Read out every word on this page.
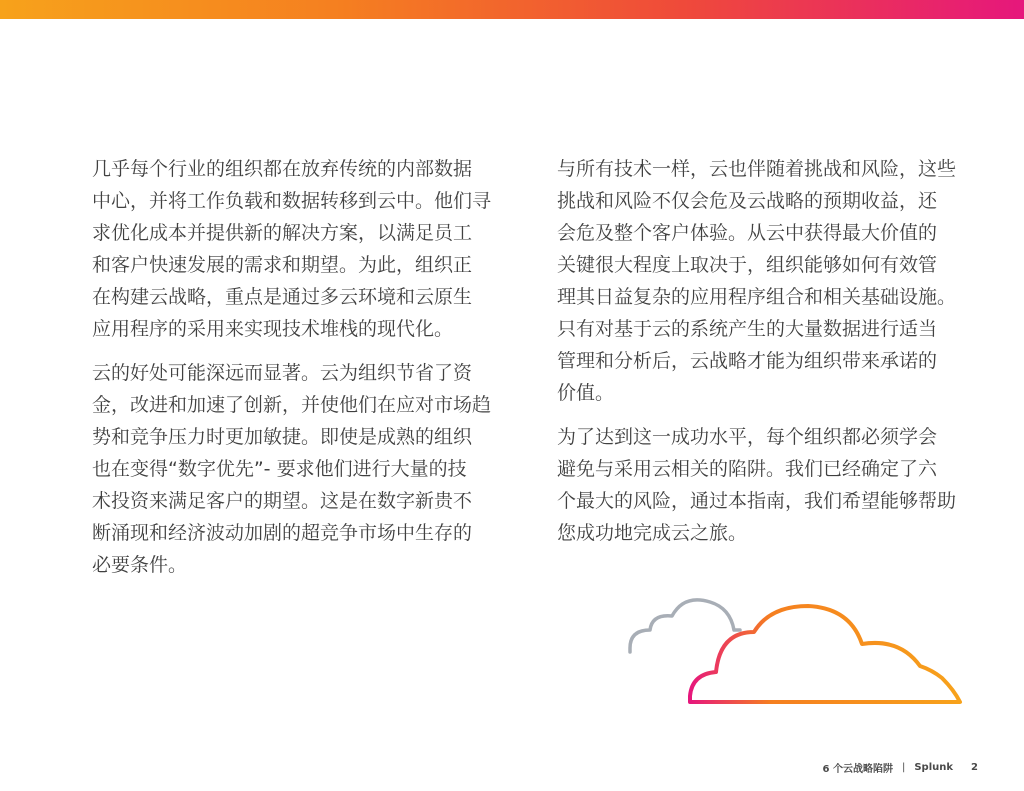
几乎每个行业的组织都在放弃传统的内部数据
中心，并将工作负载和数据转移到云中。他们寻
求优化成本并提供新的解决方案，以满足员工
和客户快速发展的需求和期望。为此，组织正
在构建云战略，重点是通过多云环境和云原生
应用程序的采用来实现技术堆栈的现代化。

云的好处可能深远而显著。云为组织节省了资
金，改进和加速了创新，并使他们在应对市场趋
势和竞争压力时更加敏捷。即使是成熟的组织
也在变得“数字优先”- 要求他们进行大量的技
术投资来满足客户的期望。这是在数字新贵不
断涌现和经济波动加剧的超竞争市场中生存的
必要条件。

与所有技术一样，云也伴随着挑战和风险，这些
挑战和风险不仅会危及云战略的预期收益，还
会危及整个客户体验。从云中获得最大价值的
关键很大程度上取决于，组织能够如何有效管
理其日益复杂的应用程序组合和相关基础设施。
只有对基于云的系统产生的大量数据进行适当
管理和分析后，云战略才能为组织带来承诺的
价值。

为了达到这一成功水平，每个组织都必须学会
避免与采用云相关的陷阱。我们已经确定了六
个最大的风险，通过本指南，我们希望能够帮助
您成功地完成云之旅。

6 个云战略陷阱 | Splunk 2
